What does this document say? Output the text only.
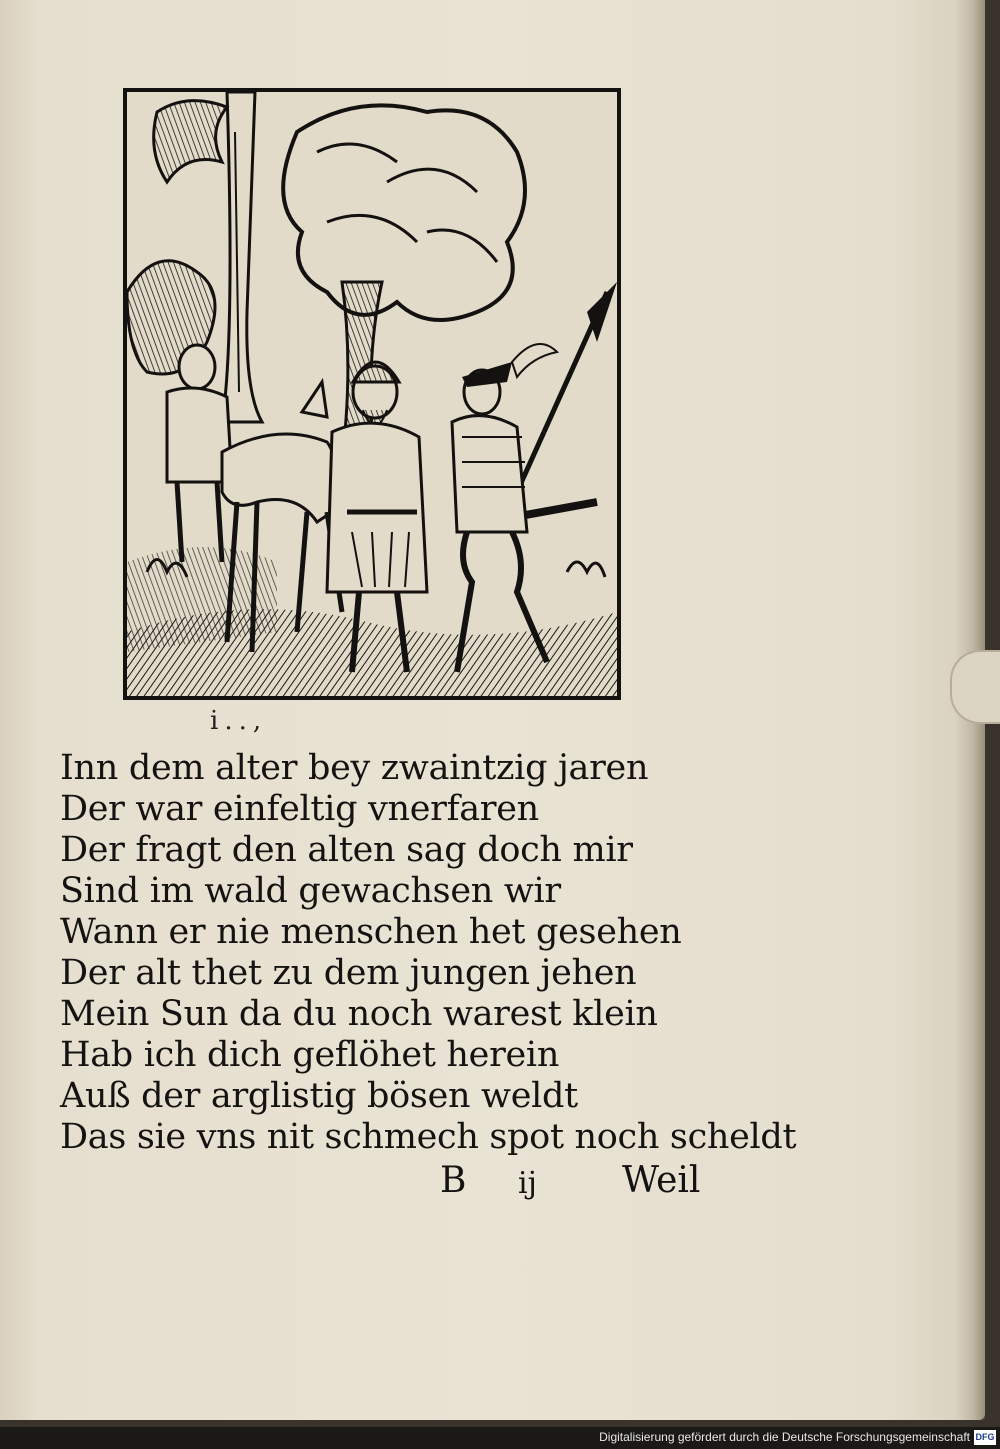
i..,
Inn dem alter bey zwaintzig jaren
Der war einfeltig vnerfaren
Der fragt den alten sag doch mir
Sind im wald gewachsen wir
Wann er nie menschen het gesehen
Der alt thet zu dem jungen jehen
Mein Sun da du noch warest klein
Hab ich dich geflöhet herein
Auß der arglistig bösen weldt
Das sie vns nit schmech spot noch scheldt
B ij Weil
Digitalisierung gefördert durch die Deutsche Forschungsgemeinschaft DFG
